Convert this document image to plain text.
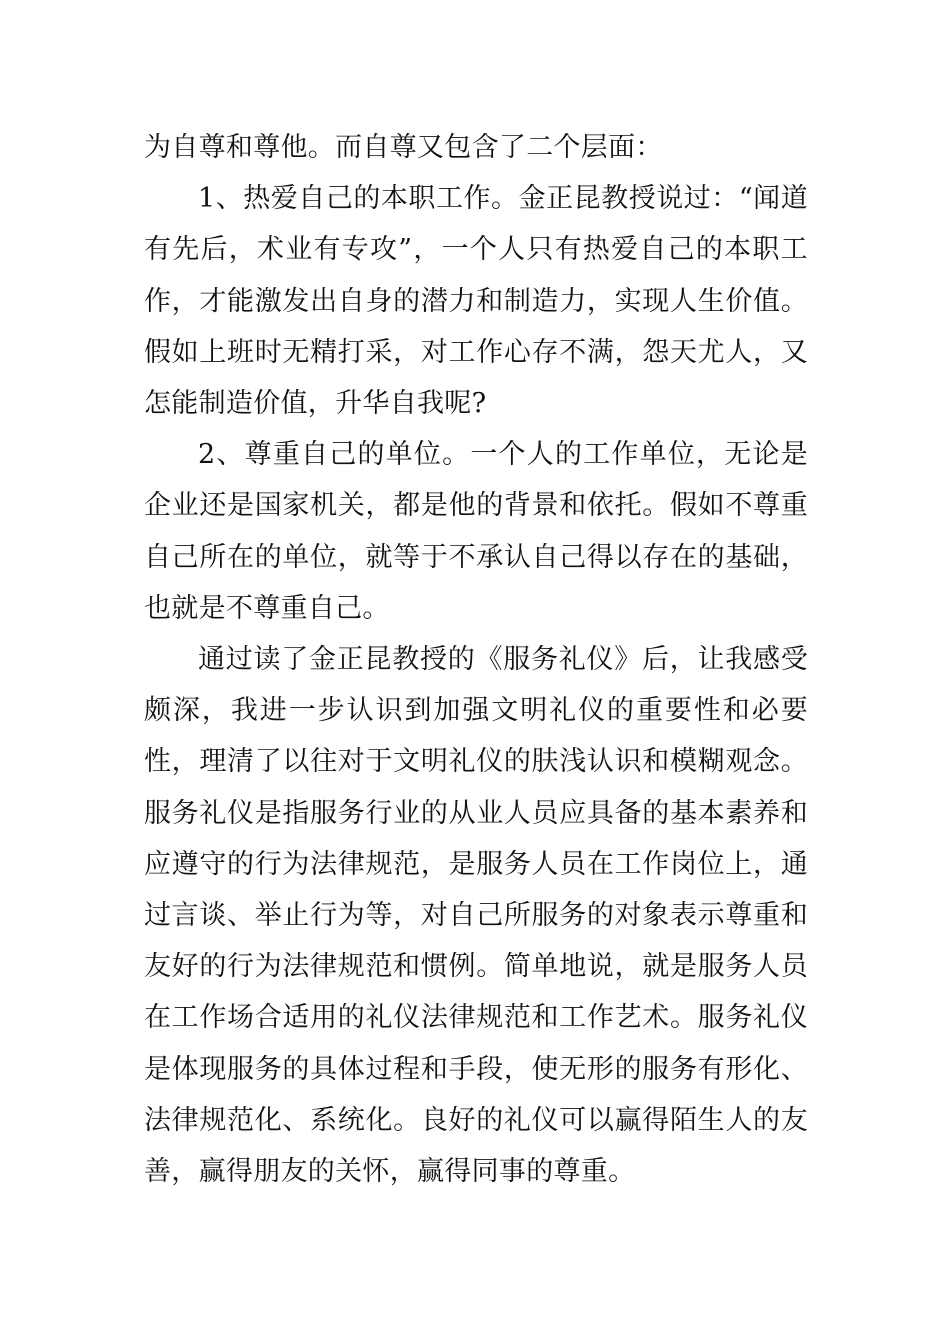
为自尊和尊他。而自尊又包含了二个层面：

1、热爱自己的本职工作。金正昆教授说过：“闻道有先后，术业有专攻”，一个人只有热爱自己的本职工作，才能激发出自身的潜力和制造力，实现人生价值。假如上班时无精打采，对工作心存不满，怨天尤人，又怎能制造价值，升华自我呢?

2、尊重自己的单位。一个人的工作单位，无论是企业还是国家机关，都是他的背景和依托。假如不尊重自己所在的单位，就等于不承认自己得以存在的基础，也就是不尊重自己。

通过读了金正昆教授的《服务礼仪》后，让我感受颇深，我进一步认识到加强文明礼仪的重要性和必要性，理清了以往对于文明礼仪的肤浅认识和模糊观念。服务礼仪是指服务行业的从业人员应具备的基本素养和应遵守的行为法律规范，是服务人员在工作岗位上，通过言谈、举止行为等，对自己所服务的对象表示尊重和友好的行为法律规范和惯例。简单地说，就是服务人员在工作场合适用的礼仪法律规范和工作艺术。服务礼仪是体现服务的具体过程和手段，使无形的服务有形化、法律规范化、系统化。良好的礼仪可以赢得陌生人的友善，赢得朋友的关怀，赢得同事的尊重。
